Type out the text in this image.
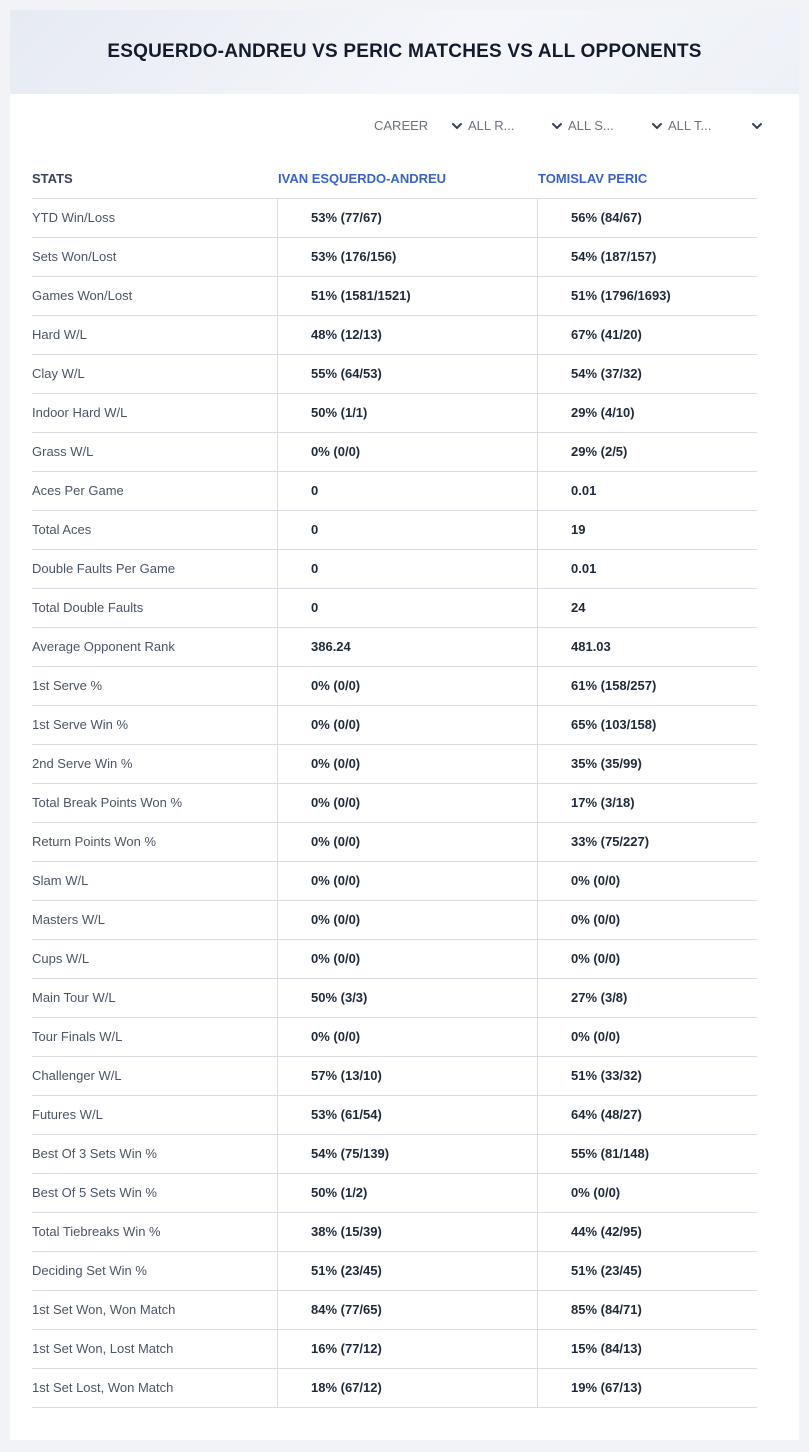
ESQUERDO-ANDREU VS PERIC MATCHES VS ALL OPPONENTS
CAREER	ALL R...	ALL S...	ALL T...
STATS	IVAN ESQUERDO-ANDREU	TOMISLAV PERIC
YTD Win/Loss	53% (77/67)	56% (84/67)
Sets Won/Lost	53% (176/156)	54% (187/157)
Games Won/Lost	51% (1581/1521)	51% (1796/1693)
Hard W/L	48% (12/13)	67% (41/20)
Clay W/L	55% (64/53)	54% (37/32)
Indoor Hard W/L	50% (1/1)	29% (4/10)
Grass W/L	0% (0/0)	29% (2/5)
Aces Per Game	0	0.01
Total Aces	0	19
Double Faults Per Game	0	0.01
Total Double Faults	0	24
Average Opponent Rank	386.24	481.03
1st Serve %	0% (0/0)	61% (158/257)
1st Serve Win %	0% (0/0)	65% (103/158)
2nd Serve Win %	0% (0/0)	35% (35/99)
Total Break Points Won %	0% (0/0)	17% (3/18)
Return Points Won %	0% (0/0)	33% (75/227)
Slam W/L	0% (0/0)	0% (0/0)
Masters W/L	0% (0/0)	0% (0/0)
Cups W/L	0% (0/0)	0% (0/0)
Main Tour W/L	50% (3/3)	27% (3/8)
Tour Finals W/L	0% (0/0)	0% (0/0)
Challenger W/L	57% (13/10)	51% (33/32)
Futures W/L	53% (61/54)	64% (48/27)
Best Of 3 Sets Win %	54% (75/139)	55% (81/148)
Best Of 5 Sets Win %	50% (1/2)	0% (0/0)
Total Tiebreaks Win %	38% (15/39)	44% (42/95)
Deciding Set Win %	51% (23/45)	51% (23/45)
1st Set Won, Won Match	84% (77/65)	85% (84/71)
1st Set Won, Lost Match	16% (77/12)	15% (84/13)
1st Set Lost, Won Match	18% (67/12)	19% (67/13)
